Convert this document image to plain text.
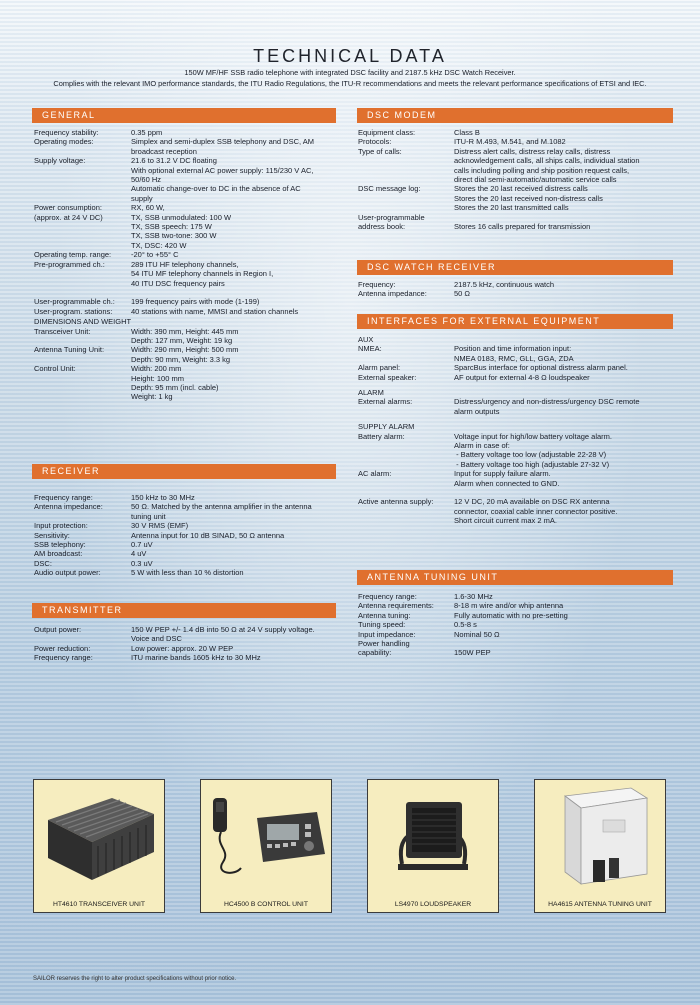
TECHNICAL DATA
150W MF/HF SSB radio telephone with integrated DSC facility and 2187.5 kHz DSC Watch Receiver.
Complies with the relevant IMO performance standards, the ITU Radio Regulations, the ITU-R recommendations and meets the relevant performance specifications of ETSI and IEC.
GENERAL
Frequency stability:	0.35 ppm
Operating modes:	Simplex and semi-duplex SSB telephony and DSC, AM
broadcast reception
Supply voltage:	21.6 to 31.2 V DC floating
With optional external AC power supply: 115/230 V AC,
50/60 Hz
Automatic change-over to DC in the absence of AC
supply
Power consumption:	RX, 60 W,
(approx. at 24 V DC)	TX, SSB unmodulated: 100 W
TX, SSB speech: 175 W
TX, SSB two-tone: 300 W
TX, DSC: 420 W
Operating temp. range:	-20° to +55° C
Pre-programmed ch.:	289 ITU HF telephony channels,
54 ITU MF telephony channels in Region I,
40 ITU DSC frequency pairs
User-programmable ch.:	199 frequency pairs with mode (1-199)
User-program. stations:	40 stations with name, MMSI and station channels
DIMENSIONS AND WEIGHT
Transceiver Unit:	Width: 390 mm, Height: 445 mm
Depth: 127 mm, Weight: 19 kg
Antenna Tuning Unit:	Width: 290 mm, Height: 500 mm
Depth: 90 mm, Weight: 3.3 kg
Control Unit:	Width: 200 mm
Height: 100 mm
Depth: 95 mm (incl. cable)
Weight: 1 kg
RECEIVER
Frequency range:	150 kHz to 30 MHz
Antenna impedance:	50 Ω. Matched by the antenna amplifier in the antenna
tuning unit
Input protection:	30 V RMS (EMF)
Sensitivity:	Antenna input for 10 dB SINAD, 50 Ω antenna
SSB telephony:	0.7 uV
AM broadcast:	4 uV
DSC:	0.3 uV
Audio output power:	5 W with less than 10 % distortion
TRANSMITTER
Output power:	150 W PEP +/- 1.4 dB into 50 Ω at 24 V supply voltage.
Voice and DSC
Power reduction:	Low power: approx. 20 W PEP
Frequency range:	ITU marine bands 1605 kHz to 30 MHz
DSC MODEM
Equipment class:	Class B
Protocols:	ITU-R M.493, M.541, and M.1082
Type of calls:	Distress alert calls, distress relay calls, distress
acknowledgement calls, all ships calls, individual station
calls including polling and ship position request calls,
direct dial semi-automatic/automatic service calls
DSC message log:	Stores the 20 last received distress calls
Stores the 20 last received non-distress calls
Stores the 20 last transmitted calls
User-programmable
address book:	Stores 16 calls prepared for transmission
DSC WATCH RECEIVER
Frequency:	2187.5 kHz, continuous watch
Antenna impedance:	50 Ω
INTERFACES FOR EXTERNAL EQUIPMENT
AUX
NMEA:	Position and time information input:
NMEA 0183, RMC, GLL, GGA, ZDA
Alarm panel:	SparcBus interface for optional distress alarm panel.
External speaker:	AF output for external 4-8 Ω loudspeaker
ALARM
External alarms:	Distress/urgency and non-distress/urgency DSC remote
alarm outputs
SUPPLY ALARM
Battery alarm:	Voltage input for high/low battery voltage alarm.
Alarm in case of:
- Battery voltage too low (adjustable 22-28 V)
- Battery voltage too high (adjustable 27-32 V)
AC alarm:	Input for supply failure alarm.
Alarm when connected to GND.
Active antenna supply:	12 V DC, 20 mA available on DSC RX antenna
connector, coaxial cable inner connector positive.
Short circuit current max 2 mA.
ANTENNA TUNING UNIT
Frequency range:	1.6-30 MHz
Antenna requirements:	8-18 m wire and/or whip antenna
Antenna tuning:	Fully automatic with no pre-setting
Tuning speed:	0.5-8 s
Input impedance:	Nominal 50 Ω
Power handling
capability:	150W PEP
HT4610 TRANSCEIVER UNIT	HC4500 B CONTROL UNIT	LS4970 LOUDSPEAKER	HA4615 ANTENNA TUNING UNIT
SAILOR reserves the right to alter product specifications without prior notice.
